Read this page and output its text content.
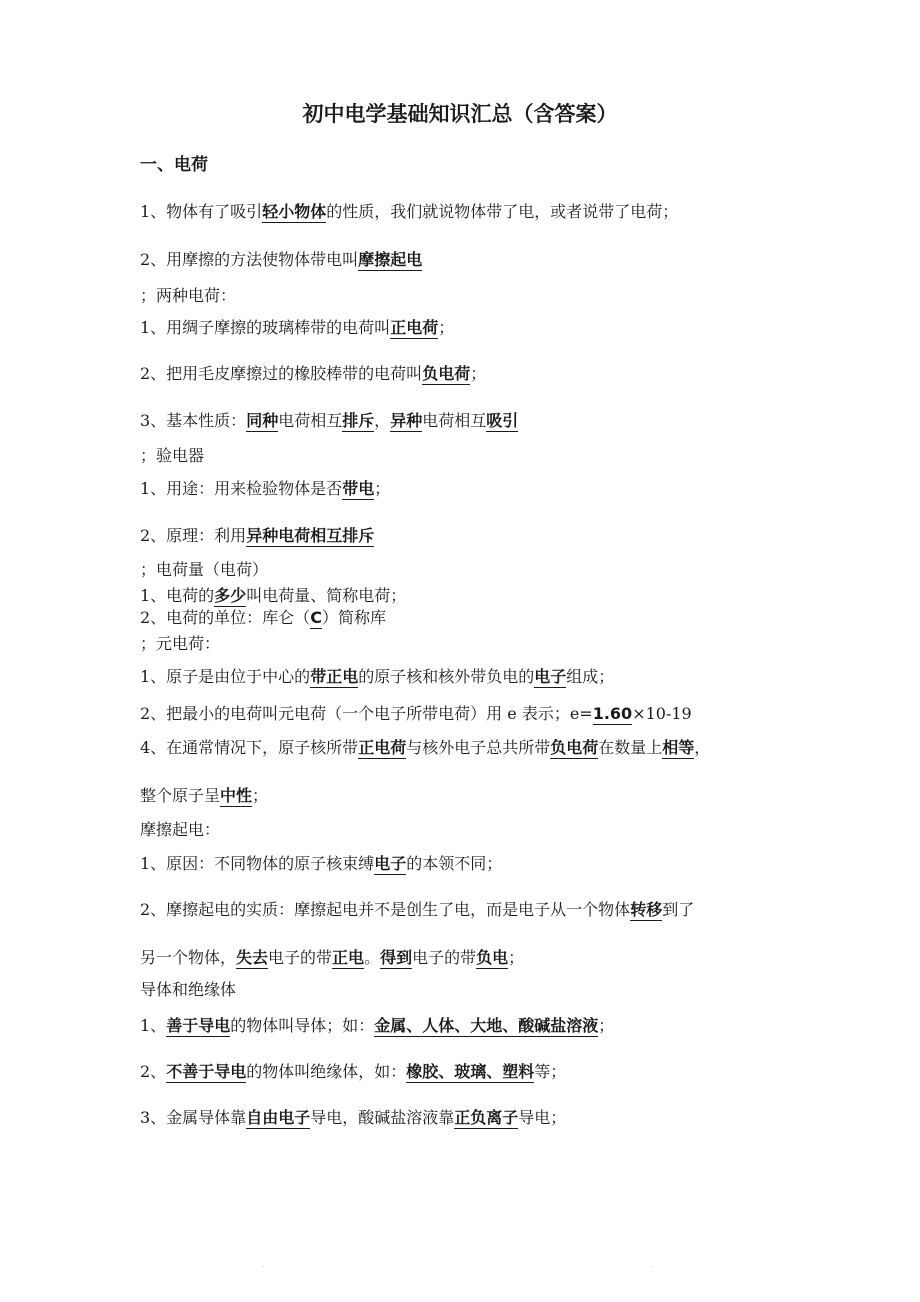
初中电学基础知识汇总（含答案）
一、电荷
1、物体有了吸引轻小物体的性质，我们就说物体带了电，或者说带了电荷；
2、用摩擦的方法使物体带电叫摩擦起电
；两种电荷：
1、用绸子摩擦的玻璃棒带的电荷叫正电荷；
2、把用毛皮摩擦过的橡胶棒带的电荷叫负电荷；
3、基本性质：同种电荷相互排斥，异种电荷相互吸引
；验电器
1、用途：用来检验物体是否带电；
2、原理：利用异种电荷相互排斥
；电荷量（电荷）
1、电荷的多少叫电荷量、简称电荷；
2、电荷的单位：库仑（C）简称库
；元电荷：
1、原子是由位于中心的带正电的原子核和核外带负电的电子组成；
2、把最小的电荷叫元电荷（一个电子所带电荷）用 e 表示；e=1.60×10-19
4、在通常情况下，原子核所带正电荷与核外电子总共所带负电荷在数量上相等，
整个原子呈中性；
摩擦起电：
1、原因：不同物体的原子核束缚电子的本领不同；
2、摩擦起电的实质：摩擦起电并不是创生了电，而是电子从一个物体转移到了
另一个物体，失去电子的带正电。得到电子的带负电；
导体和绝缘体
1、善于导电的物体叫导体；如：金属、人体、大地、酸碱盐溶液；
2、不善于导电的物体叫绝缘体，如：橡胶、玻璃、塑料等；
3、金属导体靠自由电子导电，酸碱盐溶液靠正负离子导电；
.	.
